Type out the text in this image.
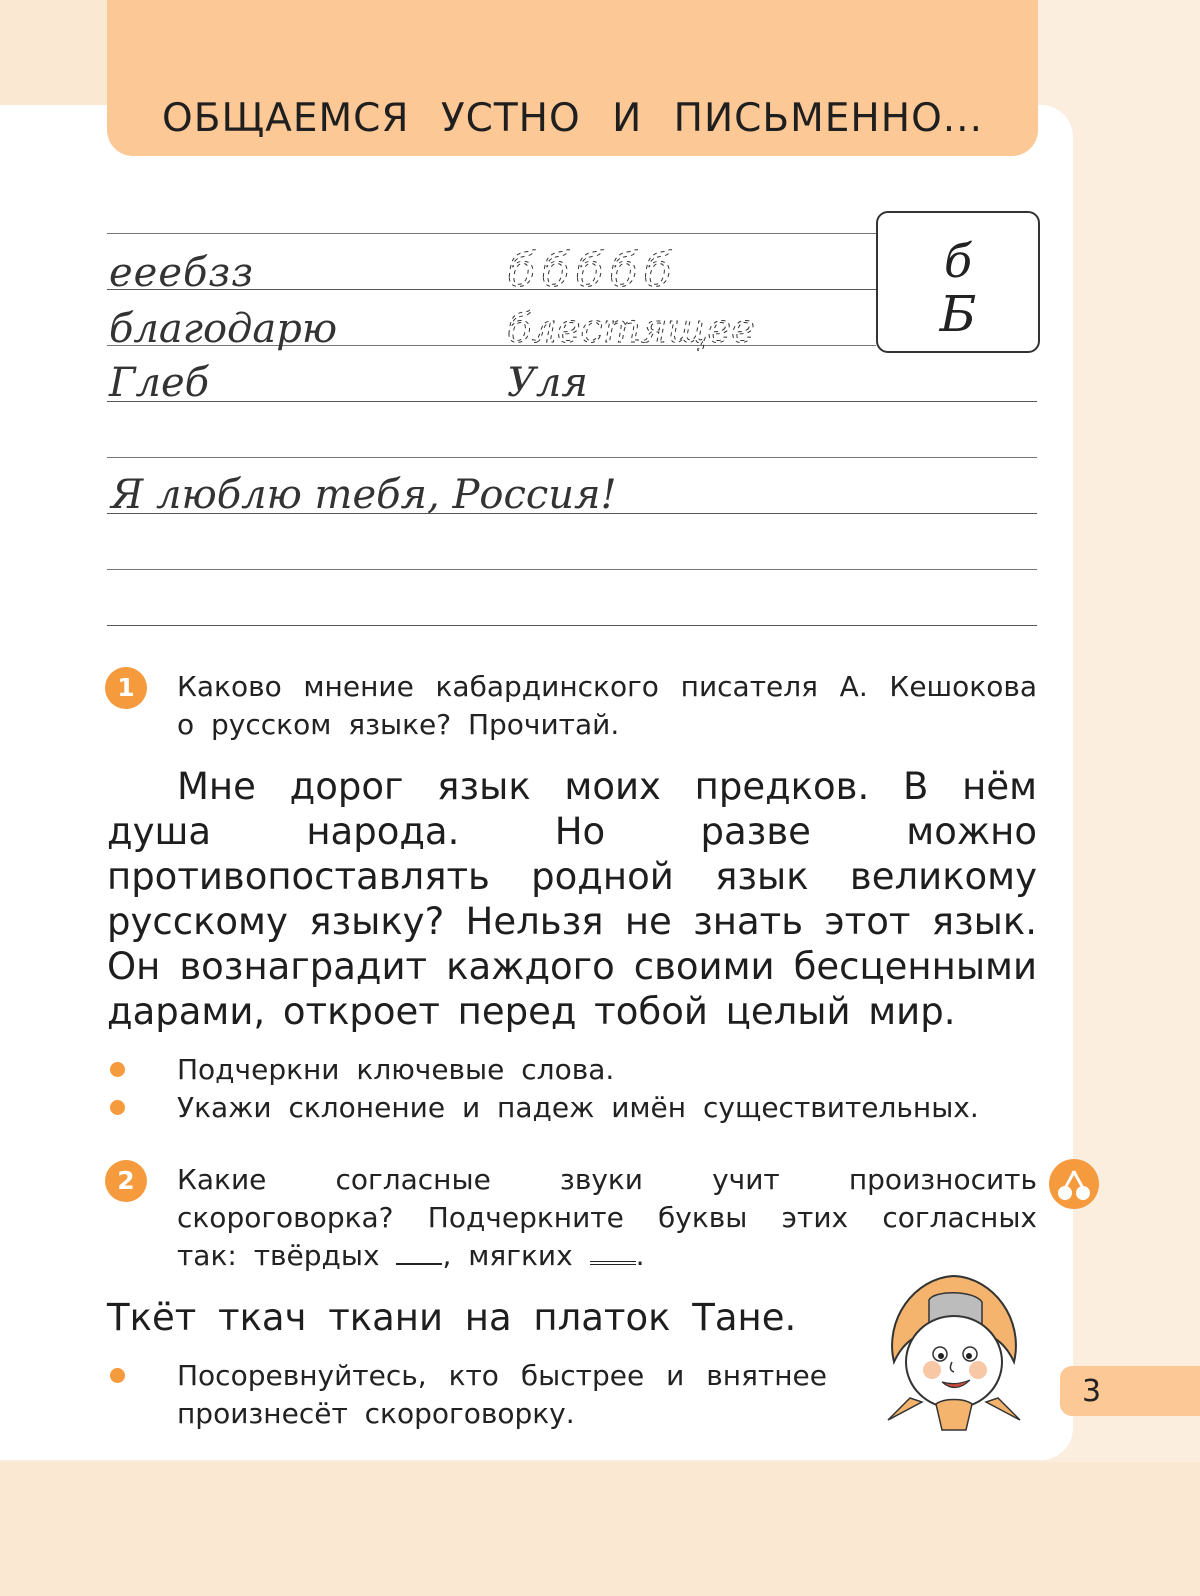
ОБЩАЕМСЯ УСТНО И ПИСЬМЕННО...
б
Б
ееебзз	ббббб
благодарю	блестящее
Глеб	Уля
Я люблю тебя, Россия!
1	Каково мнение кабардинского писателя А. Кешокова о русском языке? Прочитай.
Мне дорог язык моих предков. В нём душа народа. Но разве можно противопоставлять родной язык великому русскому языку? Нельзя не знать этот язык. Он вознаградит каждого своими бесценными дарами, откроет перед тобой целый мир.
Подчеркни ключевые слова.
Укажи склонение и падеж имён существительных.
2	Какие согласные звуки учит произносить скороговорка? Подчеркните буквы этих согласных так: твёрдых , мягких .
Ткёт ткач ткани на платок Тане.
Посоревнуйтесь, кто быстрее и внятнее произнесёт скороговорку.
3
